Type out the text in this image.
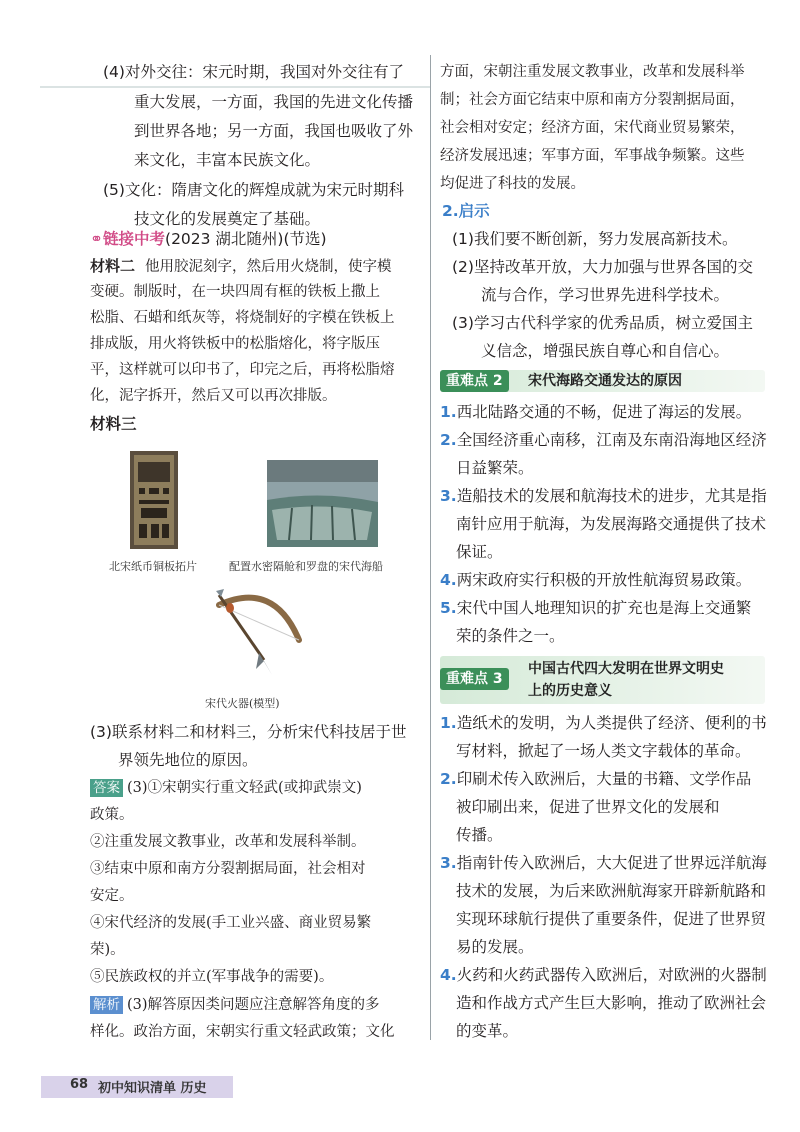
(4)对外交往：宋元时期，我国对外交往有了
重大发展，一方面，我国的先进文化传播
到世界各地；另一方面，我国也吸收了外
来文化，丰富本民族文化。
(5)文化：隋唐文化的辉煌成就为宋元时期科
技文化的发展奠定了基础。
⚭链接中考(2023 湖北随州)(节选)
材料二 他用胶泥刻字，然后用火烧制，使字模
变硬。制版时，在一块四周有框的铁板上撒上
松脂、石蜡和纸灰等，将烧制好的字模在铁板上
排成版，用火将铁板中的松脂熔化，将字版压
平，这样就可以印书了，印完之后，再将松脂熔
化，泥字拆开，然后又可以再次排版。
材料三
北宋纸币铜板拓片	配置水密隔舱和罗盘的宋代海船
宋代火器(模型)
(3)联系材料二和材料三，分析宋代科技居于世
界领先地位的原因。
答案 (3)①宋朝实行重文轻武(或抑武崇文)
政策。
②注重发展文教事业，改革和发展科举制。
③结束中原和南方分裂割据局面，社会相对
安定。
④宋代经济的发展(手工业兴盛、商业贸易繁
荣)。
⑤民族政权的并立(军事战争的需要)。
解析 (3)解答原因类问题应注意解答角度的多
样化。政治方面，宋朝实行重文轻武政策；文化
方面，宋朝注重发展文教事业，改革和发展科举
制；社会方面它结束中原和南方分裂割据局面，
社会相对安定；经济方面，宋代商业贸易繁荣，
经济发展迅速；军事方面，军事战争频繁。这些
均促进了科技的发展。
2.启示
(1)我们要不断创新，努力发展高新技术。
(2)坚持改革开放，大力加强与世界各国的交
流与合作，学习世界先进科学技术。
(3)学习古代科学家的优秀品质，树立爱国主
义信念，增强民族自尊心和自信心。
重难点 2	宋代海路交通发达的原因
1.西北陆路交通的不畅，促进了海运的发展。
2.全国经济重心南移，江南及东南沿海地区经济
日益繁荣。
3.造船技术的发展和航海技术的进步，尤其是指
南针应用于航海，为发展海路交通提供了技术
保证。
4.两宋政府实行积极的开放性航海贸易政策。
5.宋代中国人地理知识的扩充也是海上交通繁
荣的条件之一。
重难点 3
中国古代四大发明在世界文明史
上的历史意义
1.造纸术的发明，为人类提供了经济、便利的书
写材料，掀起了一场人类文字载体的革命。
2.印刷术传入欧洲后，大量的书籍、文学作品
被印刷出来，促进了世界文化的发展和
传播。
3.指南针传入欧洲后，大大促进了世界远洋航海
技术的发展，为后来欧洲航海家开辟新航路和
实现环球航行提供了重要条件，促进了世界贸
易的发展。
4.火药和火药武器传入欧洲后，对欧洲的火器制
造和作战方式产生巨大影响，推动了欧洲社会
的变革。
68 初中知识清单 历史
